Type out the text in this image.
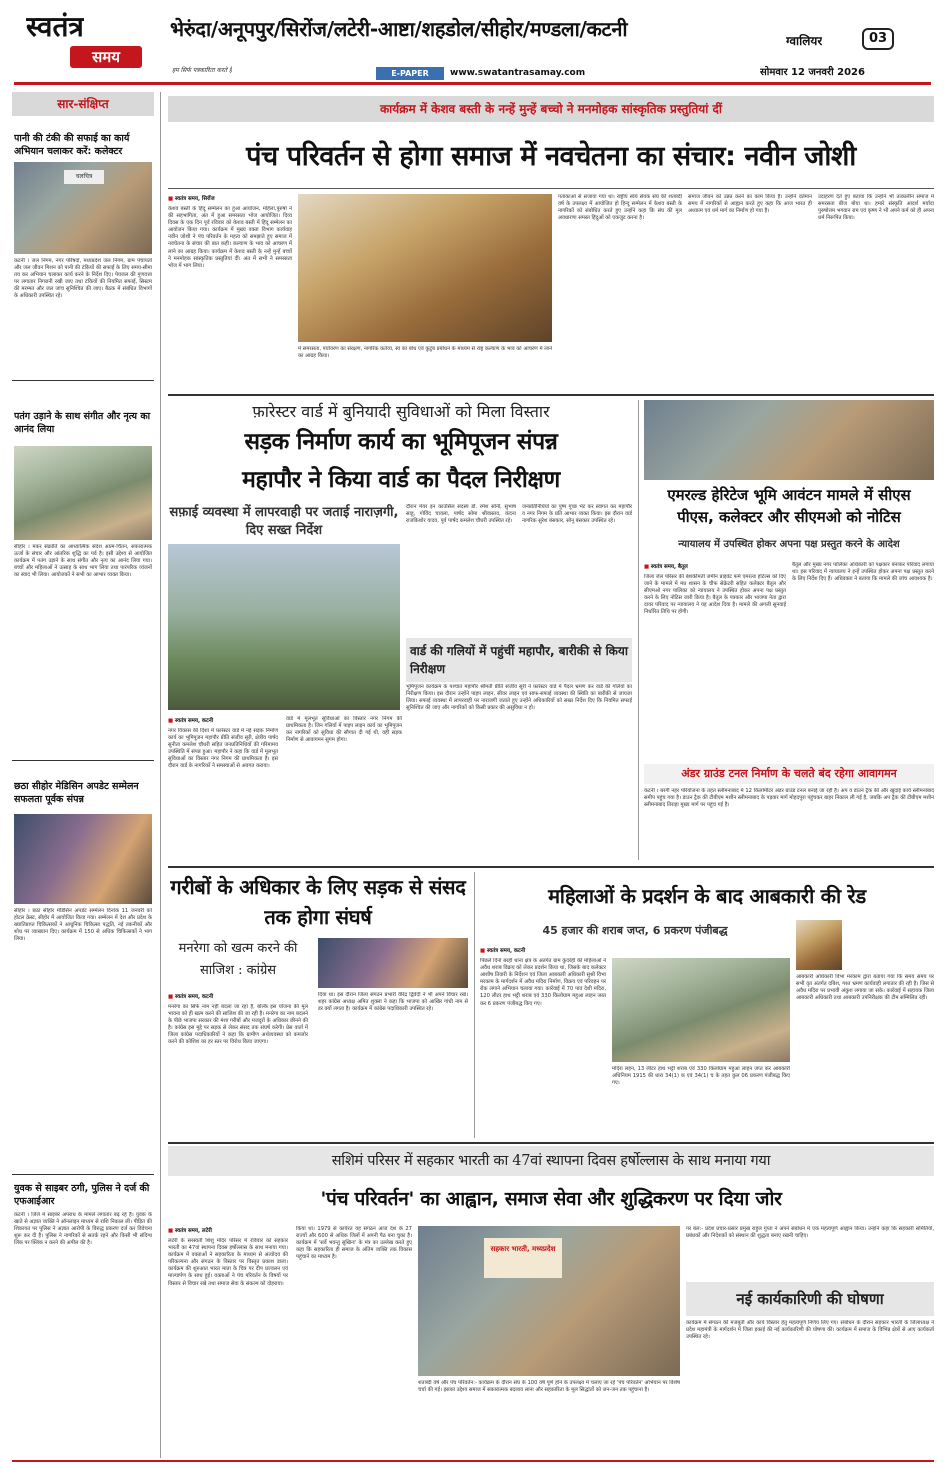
स्वतंत्र
समय
हम सिर्फ पत्रकारिता करते हैं
भेरुंदा/अनूपपुर/सिरोंज/लटेरी-आष्टा/शहडोल/सीहोर/मण्डला/कटनी	ग्वालियर	03
E-PAPER	www.swatantrasamay.com	सोमवार 12 जनवरी 2026
सार-संक्षिप्त
पानी की टंकी की सफाई का कार्य अभियान चलाकर करें: कलेक्टर
चलचित्र
कटनी । जल निगम, नगर परिषदों, मध्यप्रदेश जल निगम, ग्राम पंचायतों और जल जीवन मिशन को पानी की टंकियों की सफाई के लिए समय-सीमा तय कर अभियान चलाकर कार्य करने के निर्देश दिए। पेयजल की गुणवत्ता पर लगातार निगरानी रखी जाए तथा टंकियों की नियमित सफाई, सिस्टम की मरम्मत और जल जांच सुनिश्चित की जाए। बैठक में संबंधित विभागों के अधिकारी उपस्थित रहे।
पतंग उड़ाने के साथ संगीत और नृत्य का आनंद लिया
सीहोर । मकर संक्रांति का आध्यात्मिक संदेश आत्म-चिंतन, सकारात्मक ऊर्जा के संचार और आंतरिक शुद्धि का पर्व है। इसी उद्देश्य से आयोजित कार्यक्रम में पतंग उड़ाने के साथ संगीत और नृत्य का आनंद लिया गया। बच्चों और महिलाओं ने उत्साह के साथ भाग लिया तथा पारंपरिक व्यंजनों का स्वाद भी लिया। आयोजकों ने सभी का आभार व्यक्त किया।
छठा सीहोर मेडिसिन अपडेट सम्मेलन सफलता पूर्वक संपन्न
सीहोर । छठा सीहोर मेडिसिन अपडेट सम्मेलन दिनांक 11 जनवरी को होटल क्रेस्ट, सीहोर में आयोजित किया गया। सम्मेलन में देश और प्रदेश के ख्यातिप्राप्त चिकित्सकों ने आधुनिक चिकित्सा पद्धति, नई तकनीकों और शोध पर व्याख्यान दिए। कार्यक्रम में 150 से अधिक चिकित्सकों ने भाग लिया।
युवक से साइबर ठगी, पुलिस ने दर्ज की एफआईआर
कटनी । जिले में साइबर अपराध के मामले लगातार बढ़ रहे हैं। युवक के खाते से अज्ञात व्यक्ति ने ऑनलाइन माध्यम से राशि निकाल ली। पीड़ित की शिकायत पर पुलिस ने अज्ञात आरोपी के विरुद्ध प्रकरण दर्ज कर विवेचना शुरू कर दी है। पुलिस ने नागरिकों से सतर्क रहने और किसी भी संदिग्ध लिंक पर क्लिक न करने की अपील की है।
कार्यक्रम में केशव बस्ती के नन्हें मुन्हें बच्चो ने मनमोहक सांस्कृतिक प्रस्तुतियां दीं
पंच परिवर्तन से होगा समाज में नवचेतना का संचार: नवीन जोशी
■ स्वतंत्र समय, सिरोंज
केशव बस्ती के हिंदू सम्मेलन का हुआ आयोजन, महिला,पुरुषों ने की सहभागिता, अंत में हुआ समरसता भोज आयोजित। दिव्य दिवस के एक दिन पूर्व रविवार को केशव बस्ती में हिंदू सम्मेलन का आयोजन किया गया। कार्यक्रम में मुख्य वक्ता विभाग कार्यवाह नवीन जोशी ने पंच परिवर्तन के महत्व को समझाते हुए समाज में नवचेतना के संचार की बात कही। कल्याण के भाव को आचरण में लाने का आग्रह किया। कार्यक्रम में केशव बस्ती के नन्हें मुन्हें बच्चों ने मनमोहक सांस्कृतिक प्रस्तुतियां दीं। अंत में सभी ने समरसता भोज में भाग लिया।
में समरसता, पर्यावरण का संरक्षण, नागरिक कर्तव्य, स्व का बोध एवं कुटुंब प्रबोधन के माध्यम से राष्ट्र कल्याण के भाव को आचरण में लाने का आग्रह किया।
पताकाओं से सजाया गया था। राष्ट्रीय स्वयं सेवक संघ की शताब्दी वर्ष के उपलक्ष्य में आयोजित हो हिन्दू सम्मेलन में केशव बस्ती के नागरिकों को संबोधित करते हुए उन्होंने कहा कि संघ की मूल अवधारणा समस्त हिंदुओं को एकजुट करना है।
समाज जीवन को उन्नत करने का काम किया है। उन्होंने वर्तमान समय में नागरिकों से आह्वान करते हुए कहा कि आज भारत ही अध्यात्म एवं धर्म मार्ग का निर्माण हो गया है।
उदाहरण देते हुए बताया कि उन्होंने भी तत्कालीन समाज में समरसता बीज बोया था। हमारे संस्कृति आदर्श मर्यादा पुरुषोत्तम भगवान राम एवं कृष्ण ने भी अपने कर्म को ही अपना धर्म निरूपित किया।
फ़ारेस्टर वार्ड में बुनियादी सुविधाओं को मिला विस्तार
सड़क निर्माण कार्य का भूमिपूजन संपन्न
महापौर ने किया वार्ड का पैदल निरीक्षण
सफ़ाई व्यवस्था में लापरवाही पर जताई नाराज़गी, दिए सख्त निर्देश
■ स्वतंत्र समय, कटनी
नगर विकास की दिशा में फ़ारेस्टर वार्ड में नई सड़क निर्माण कार्य का भूमिपूजन महापौर प्रीति संजीव सूरी, क्षेत्रीय पार्षद सुनीता कमलेश चौधरी सहित जनप्रतिनिधियों की गरिमामय उपस्थिति में संपन्न हुआ। महापौर ने कहा कि वार्ड में मूलभूत सुविधाओं का विस्तार नगर निगम की प्राथमिकता है। इस दौरान वार्ड के नागरिकों ने समस्याओं से अवगत कराया।
वार्ड में मूलभूत सुविधाओं का विस्तार नगर निगम की प्राथमिकता है। जिन गलियों में पाइप लाइन कार्य का भूमिपूजन कर नागरिकों को सुविधा की सौगात दी गई थी, वहीं सड़क निर्माण से आवागमन सुगम होगा।
दौरान मेयर इन काउंसिल सदस्य डॉ. रमेश सोनी, सुभाष साहू, गोविंद चावला, पार्षद सोमा श्रीवास्तव, कंदना राजकिशोर यादव, पूर्व पार्षद कमलेश चौधरी उपस्थित रहे।
जनप्रतिनिधियों का पुष्प गुच्छ भेंट कर स्वागत कर महापौर व नगर निगम के प्रति आभार व्यक्त किया। इस दौरान वार्ड नागरिक सुरेश बंसकार, सोनू बंसकार उपस्थित रहे।
वार्ड की गलियों में पहुंचीं महापौर, बारीकी से किया निरीक्षण
भूमिपूजन कार्यक्रम के पश्चात महापौर श्रीमती प्रीति संजीव सूरी ने फ़ारेस्टर वार्ड में पैदल भ्रमण कर वार्ड की गलियों का निरीक्षण किया। इस दौरान उन्होंने पाइप लाइन, सीवर लाइन एवं साफ-सफाई व्यवस्था की स्थिति का बारीकी से जायजा लिया। सफाई व्यवस्था में लापरवाही पर नाराजगी जताते हुए उन्होंने अधिकारियों को सख्त निर्देश दिए कि नियमित सफाई सुनिश्चित की जाए और नागरिकों को किसी प्रकार की असुविधा न हो।
एमरल्ड हेरिटेज भूमि आवंटन मामले में सीएस
पीएस, कलेक्टर और सीएमओ को नोटिस
न्यायालय में उपस्थित होकर अपना पक्ष प्रस्तुत करने के आदेश
■ स्वतंत्र समय, बैतूल
जिला जेल परिसर की बेशकीमती जमीन प्राइवेट फर्म एमरल्ड होटेल्स को दिए जाने के मामले में मप्र शासन के चीफ सेक्रेटरी सहित कलेक्टर बैतूल और सीएमओ नगर पालिका को न्यायालय ने उपस्थित होकर अपना पक्ष प्रस्तुत करने के लिए नोटिस जारी किया है। बैतूल के पत्रकार और भाजपा नेता द्वारा दायर परिवाद पर न्यायालय ने यह आदेश दिया है। मामले की अगली सुनवाई निर्धारित तिथि पर होगी।
बैतूल और मुख्य नगर पालिका अधिकारी को पक्षकार बनाकर परिवाद लगाया था। इस परिवाद में न्यायालय ने इन्हें उपस्थित होकर अपना पक्ष प्रस्तुत करने के लिए निर्देश दिए हैं। अधिवक्ता ने बताया कि मामले की जांच आवश्यक है।
अंडर ग्राउंड टनल निर्माण के चलते बंद रहेगा आवागमन
कटनी । बरगी नहर परियोजना के तहत स्लीमनाबाद में 12 किलोमीटर अंडर ग्राउंड टनल बनाई जा रही है। अप व डाउन ट्रैक की और खुदाई कार्य स्लीमनाबाद समीप पहुंच गया है। डाउन ट्रैक की टीबीएम मशीन स्लीमनाबाद के पड़वार मार्ग मोहदपुरा पहुंचकर बाहर निकाल ली गई है, जबकि अप ट्रैक की टीबीएम मशीन स्लीमनाबाद तिराहा मुख्य मार्ग पर पहुंच गई है।
गरीबों के अधिकार के लिए सड़क से संसद तक होगा संघर्ष
मनरेगा को खत्म करने की साजिश : कांग्रेस
■ स्वतंत्र समय, कटनी
मनरेगा का सिर्फ नाम नहीं बदला जा रहा है, बल्कि इस योजना की मूल भावना को ही खत्म करने की साजिश की जा रही है। मनरेगा का नाम बदलने के पीछे भाजपा सरकार की मंशा गरीबों और मजदूरों के अधिकार छीनने की है। कांग्रेस इस मुद्दे पर सड़क से लेकर संसद तक संघर्ष करेगी। प्रेस वार्ता में जिला कांग्रेस पदाधिकारियों ने कहा कि ग्रामीण अर्थव्यवस्था को कमजोर करने की कोशिश का हर स्तर पर विरोध किया जाएगा।
दिया था। इस दौरान जिला संगठन प्रभारी वीरेंद्र द्विवेदी ने भी अपने विचार रखे। शहर कांग्रेस अध्यक्ष अमित शुक्ला ने कहा कि भाजपा को आखिर गांधी नाम से डर क्यों लगता है। कार्यक्रम में कांग्रेस पदाधिकारी उपस्थित रहे।
महिलाओं के प्रदर्शन के बाद आबकारी की रेड
45 हजार की शराब जप्त, 6 प्रकरण पंजीबद्ध
■ स्वतंत्र समय, कटनी
पिछले दिनों बरही थाना क्षेत्र के अंतर्गत ग्राम कुंदरेही की महिलाओं ने अवैध शराब विक्रय को लेकर प्रदर्शन किया था, जिसके बाद कलेक्टर आशीष तिवारी के निर्देशन एवं जिला आबकारी अधिकारी सुश्री विभा मरकाम के मार्गदर्शन में अवैध मदिरा निर्माण, विक्रय एवं परिवहन पर रोक लगाने अभियान चलाया गया। कार्रवाई में 70 पाव देशी मदिरा, 120 लीटर हाथ भट्टी शराब एवं 330 किलोग्राम महुआ लाहन जब्त कर 6 प्रकरण पंजीबद्ध किए गए।
मदिरा लहन, 13 लीटर हाथ भट्टी शराब एवं 330 किलोग्राम महुआ लाहन जप्त कर आबकारी अधिनियम 1915 की धारा 34(1) क एवं 34(1) च के तहत कुल 06 प्रकरण पंजीबद्ध किए गए।
आबकारी अधिकारी विभा मरकाम द्वारा बताया गया कि समय समय पर सभी वृत अंतर्गत दबिश, गश्त भ्रमण कार्यवाही लगातार की रही है। जिस से अवैध मदिरा पर प्रभावी अंकुश लगाया जा सके। कार्रवाई में सहायक जिला आबकारी अधिकारी तथा आबकारी उपनिरीक्षक की टीम सम्मिलित रही।
सशिमं परिसर में सहकार भारती का 47वां स्थापना दिवस हर्षोल्लास के साथ मनाया गया
'पंच परिवर्तन' का आह्वान, समाज सेवा और शुद्धिकरण पर दिया जोर
■ स्वतंत्र समय, लटेरी
लटेरी के सरस्वती शिशु मंदिर परिसर में रविवार को सहकार भारती का 47वां स्थापना दिवस हर्षोल्लास के साथ मनाया गया। कार्यक्रम में वक्ताओं ने सहकारिता के माध्यम से अंत्योदय की परिकल्पना और संगठन के विस्तार पर विस्तृत प्रकाश डाला। कार्यक्रम की शुरुआत भारत माता के चित्र पर दीप प्रज्वलन एवं माल्यार्पण के साथ हुई। वक्ताओं ने पंच परिवर्तन के विषयों पर विस्तार से विचार रखे तथा समाज सेवा के संकल्प को दोहराया।
किया था। 1979 से कार्यरत यह संगठन आज देश के 27 राज्यों और 600 से अधिक जिलों में अपनी पैठ बना चुका है। कार्यक्रम में 'सर्वे भवन्तु सुखिनः' के मंत्र का उल्लेख करते हुए कहा कि सहकारिता ही समाज के अंतिम व्यक्ति तक विकास पहुंचाने का माध्यम है।
सहकार भारती, मध्यप्रदेश
शताब्दी वर्ष और पंच परिवर्तन:- कार्यक्रम के दौरान संघ के 100 वर्ष पूर्ण होने के उपलक्ष्य में चलाए जा रहे 'पंच परिवर्तन' अभियान पर विशेष चर्चा की गई। इसका उद्देश्य समाज में सकारात्मक बदलाव लाना और सहकारिता के मूल सिद्धांतों को जन-जन तक पहुंचाना है।
पर बल:- प्रदेश प्रचार-प्रसार प्रमुख राहुल गुप्ता ने अपने संबोधन में एक महत्वपूर्ण आह्वान किया। उन्होंने कहा कि सहकारी समितियों, प्रबंधकों और निदेशकों को संस्थान की शुद्धता बनाए रखनी चाहिए।
नई कार्यकारिणी की घोषणा
कार्यक्रम में संगठन की मजबूती और कार्य विस्तार हेतु महत्वपूर्ण निर्णय लिए गए। संबोधन के दौरान सहकार भारती के जिलाध्यक्ष ने प्रदेश महामंत्री के मार्गदर्शन में जिला इकाई की नई कार्यकारिणी की घोषणा की। कार्यक्रम में समाज के विभिन्न क्षेत्रों से आए कार्यकर्ता उपस्थित रहे।
